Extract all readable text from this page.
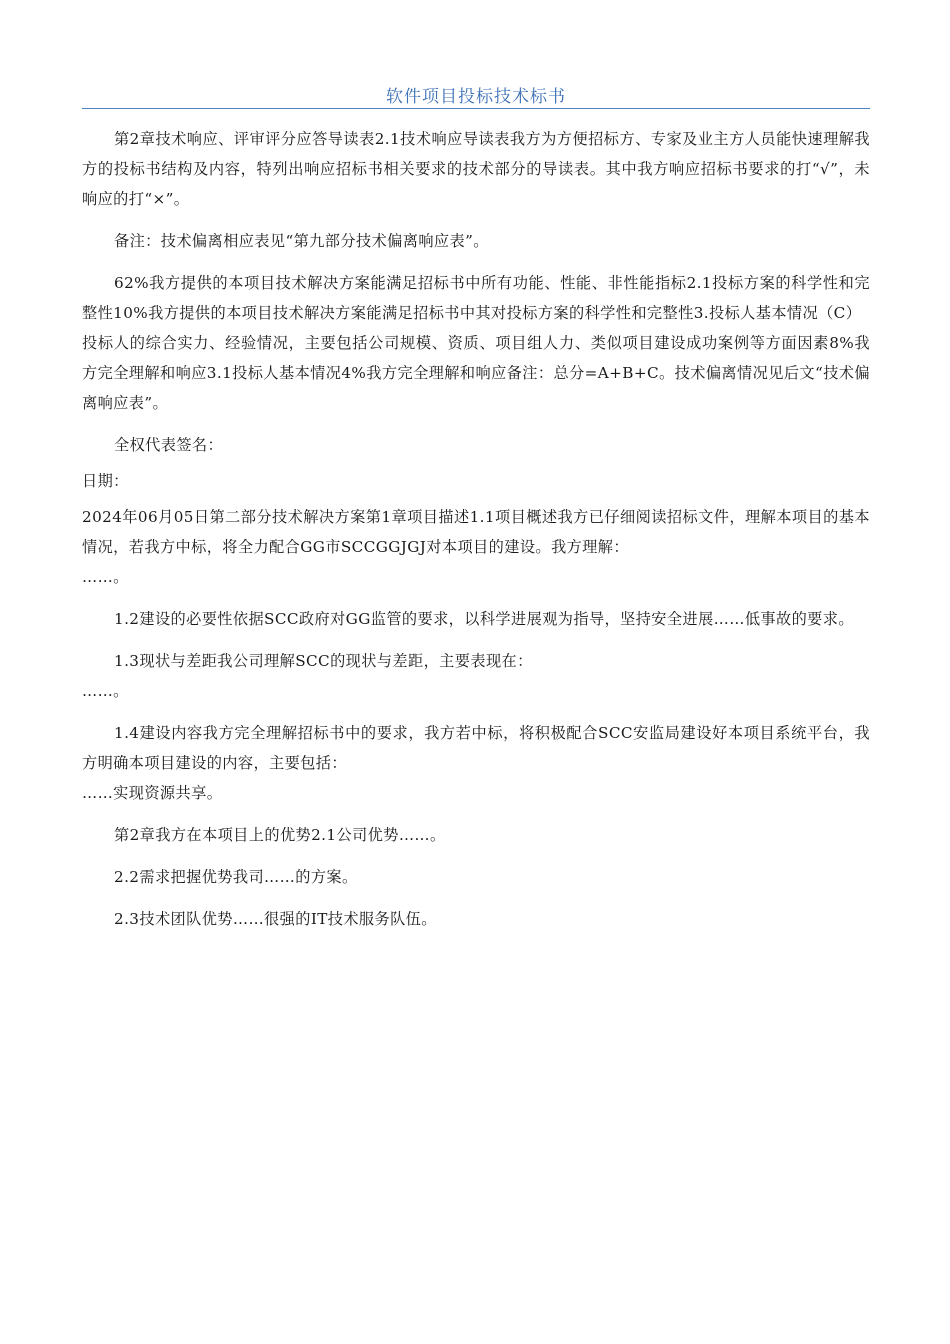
软件项目投标技术标书

第2章技术响应、评审评分应答导读表2.1技术响应导读表我方为方便招标方、专家及业主方人员能快速理解我方的投标书结构及内容，特列出响应招标书相关要求的技术部分的导读表。其中我方响应招标书要求的打“√”，未响应的打“×”。

备注：技术偏离相应表见“第九部分技术偏离响应表”。

62%我方提供的本项目技术解决方案能满足招标书中所有功能、性能、非性能指标2.1投标方案的科学性和完整性10%我方提供的本项目技术解决方案能满足招标书中其对投标方案的科学性和完整性3.投标人基本情况（C）

投标人的综合实力、经验情况，主要包括公司规模、资质、项目组人力、类似项目建设成功案例等方面因素8%我方完全理解和响应3.1投标人基本情况4%我方完全理解和响应备注：总分=A+B+C。技术偏离情况见后文“技术偏离响应表”。

全权代表签名：

日期：

2024年06月05日第二部分技术解决方案第1章项目描述1.1项目概述我方已仔细阅读招标文件，理解本项目的基本情况，若我方中标，将全力配合GG市SCCGGJGJ对本项目的建设。我方理解：

……。

1.2建设的必要性依据SCC政府对GG监管的要求，以科学进展观为指导，坚持安全进展……低事故的要求。

1.3现状与差距我公司理解SCC的现状与差距，主要表现在：

……。

1.4建设内容我方完全理解招标书中的要求，我方若中标，将积极配合SCC安监局建设好本项目系统平台，我方明确本项目建设的内容，主要包括：

……实现资源共享。

第2章我方在本项目上的优势2.1公司优势……。

2.2需求把握优势我司……的方案。

2.3技术团队优势……很强的IT技术服务队伍。
